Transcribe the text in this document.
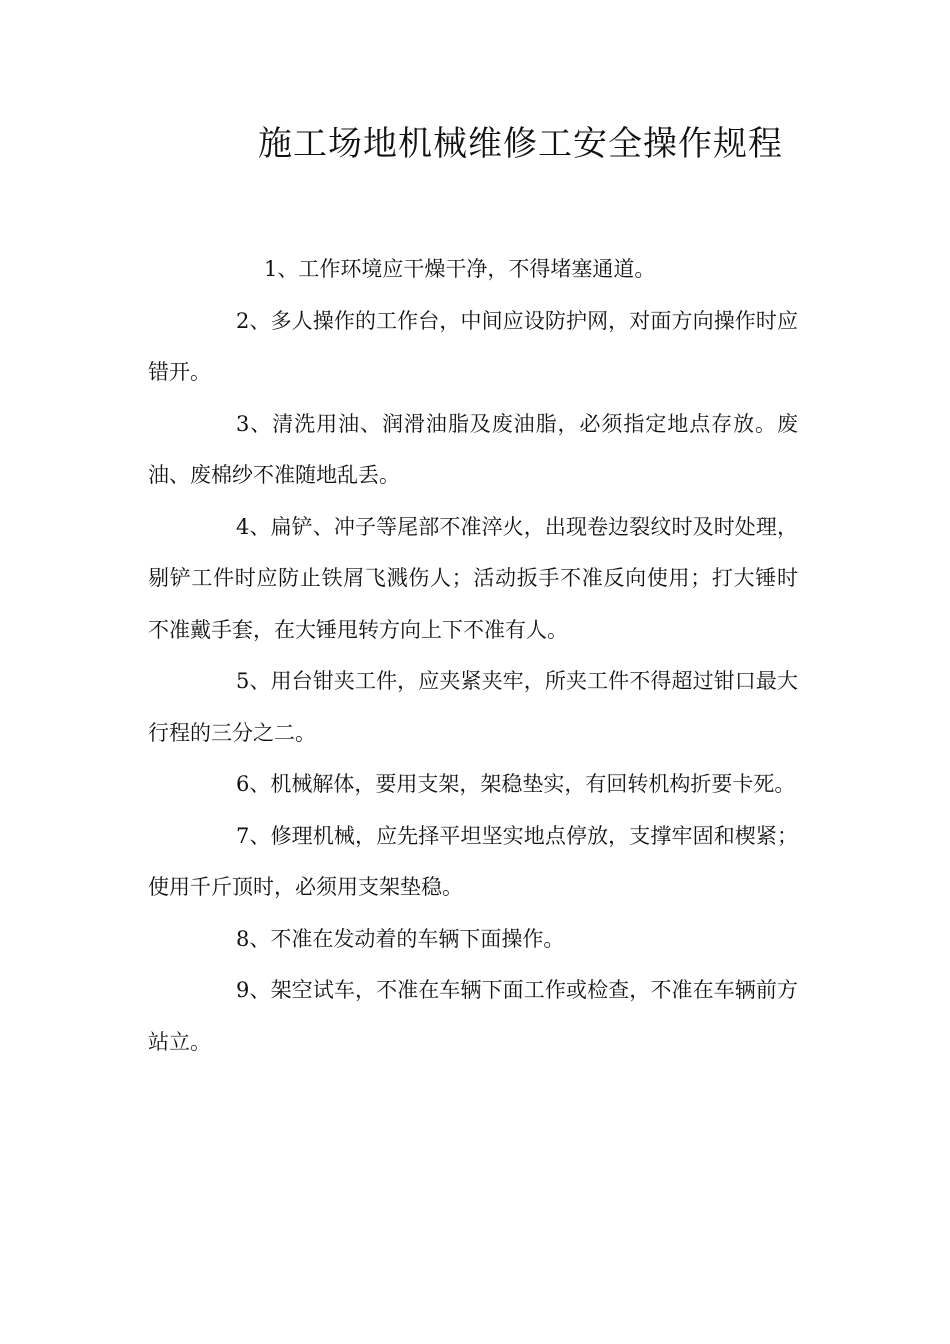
施工场地机械维修工安全操作规程

1、工作环境应干燥干净，不得堵塞通道。

2、多人操作的工作台，中间应设防护网，对面方向操作时应错开。

3、清洗用油、润滑油脂及废油脂，必须指定地点存放。废油、废棉纱不准随地乱丢。

4、扁铲、冲子等尾部不准淬火，出现卷边裂纹时及时处理，剔铲工件时应防止铁屑飞溅伤人；活动扳手不准反向使用；打大锤时不准戴手套，在大锤甩转方向上下不准有人。

5、用台钳夹工件，应夹紧夹牢，所夹工件不得超过钳口最大行程的三分之二。

6、机械解体，要用支架，架稳垫实，有回转机构折要卡死。

7、修理机械，应先择平坦坚实地点停放，支撑牢固和楔紧；使用千斤顶时，必须用支架垫稳。

8、不准在发动着的车辆下面操作。

9、架空试车，不准在车辆下面工作或检查，不准在车辆前方站立。
